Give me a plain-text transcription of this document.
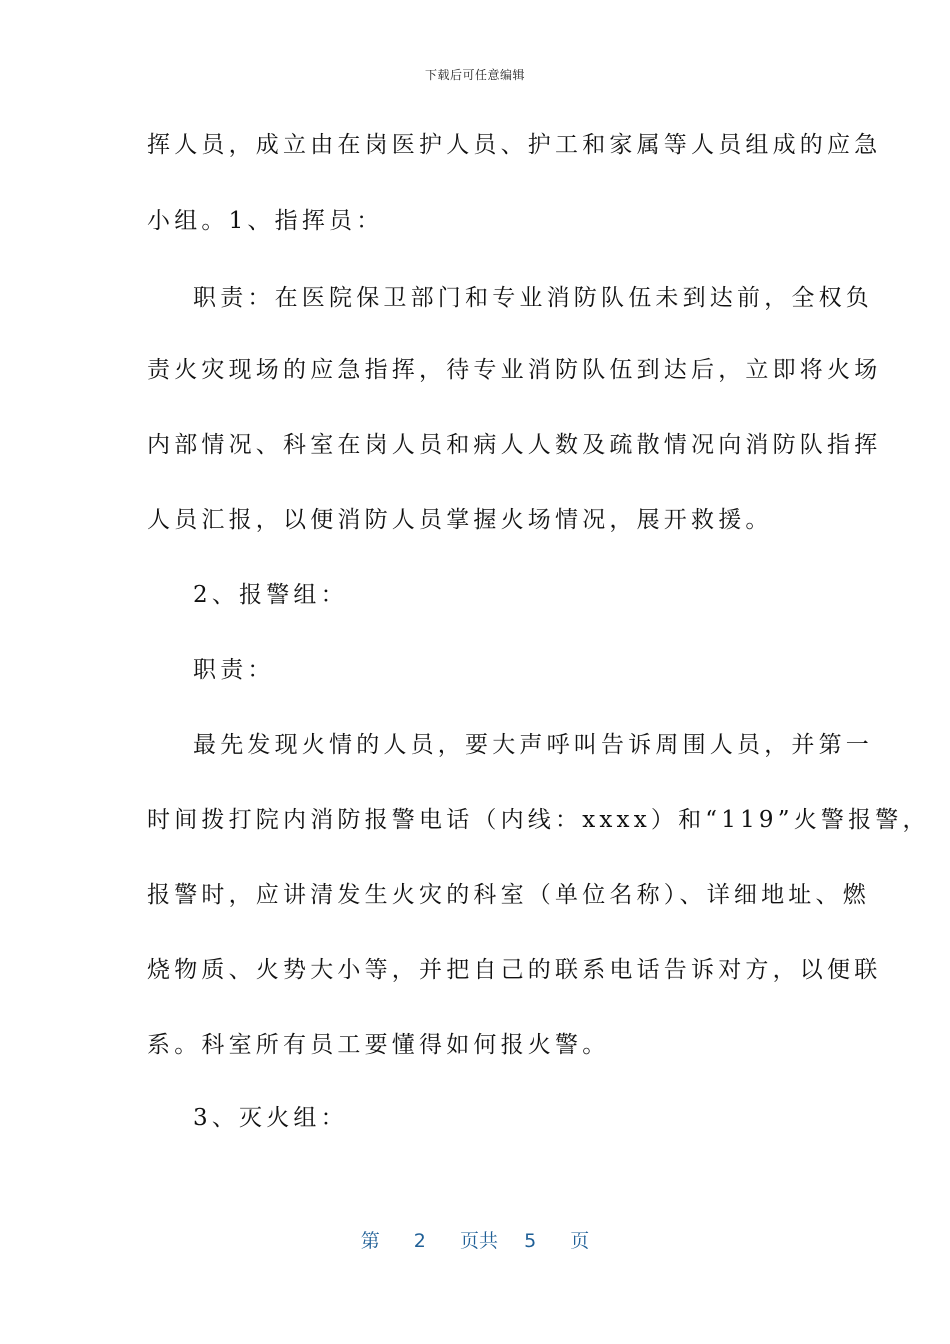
下载后可任意编辑
挥人员，成立由在岗医护人员、护工和家属等人员组成的应急
小组。1、指挥员：
职责：在医院保卫部门和专业消防队伍未到达前，全权负
责火灾现场的应急指挥，待专业消防队伍到达后，立即将火场
内部情况、科室在岗人员和病人人数及疏散情况向消防队指挥
人员汇报，以便消防人员掌握火场情况，展开救援。
2、报警组：
职责：
最先发现火情的人员，要大声呼叫告诉周围人员，并第一
时间拨打院内消防报警电话（内线：xxxx）和“119”火警报警，
报警时，应讲清发生火灾的科室（单位名称）、详细地址、燃
烧物质、火势大小等，并把自己的联系电话告诉对方，以便联
系。科室所有员工要懂得如何报火警。
3、灭火组：
第 2 页共 5 页
